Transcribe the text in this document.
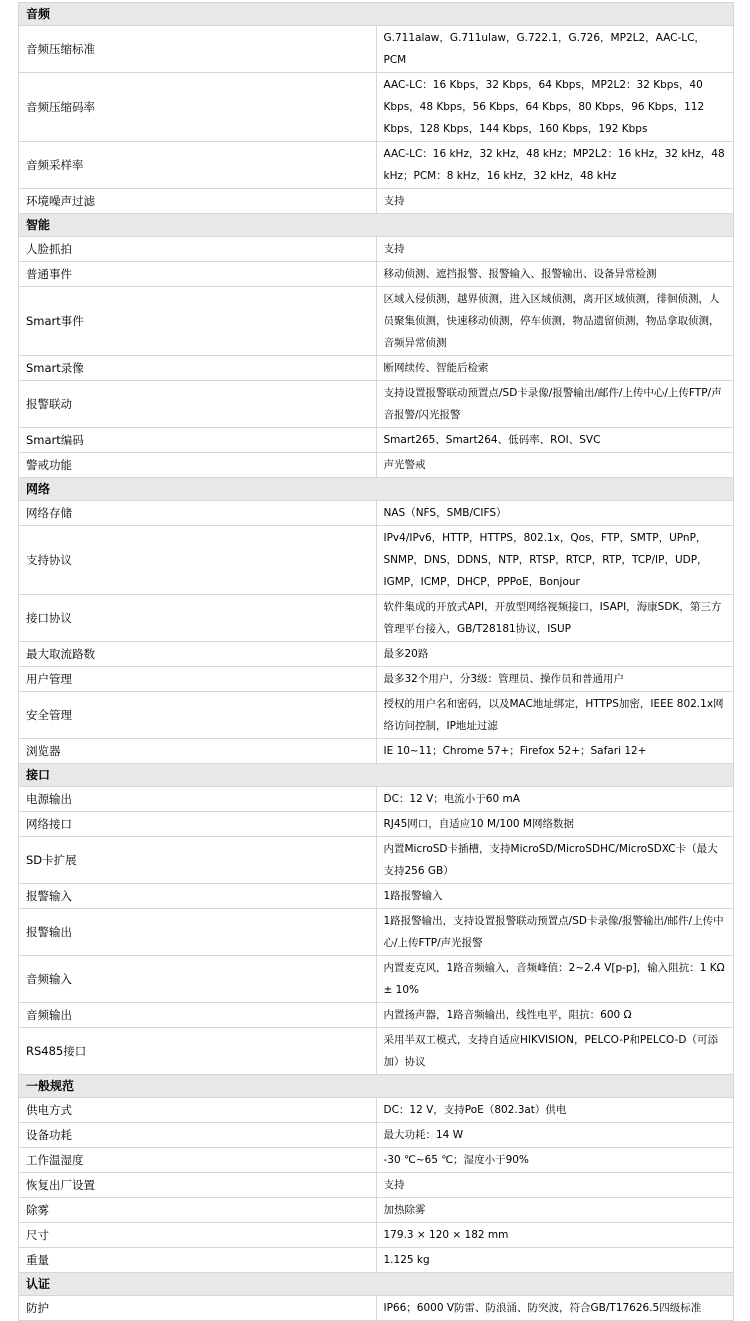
音频	
音频压缩标准	G.711alaw，G.711ulaw，G.722.1，G.726，MP2L2，AAC-LC，PCM
音频压缩码率	AAC-LC：16 Kbps，32 Kbps，64 Kbps，MP2L2：32 Kbps，40 Kbps，48 Kbps，56 Kbps，64 Kbps，80 Kbps，96 Kbps，112 Kbps，128 Kbps，144 Kbps，160 Kbps，192 Kbps
音频采样率	AAC-LC：16 kHz，32 kHz，48 kHz；MP2L2：16 kHz，32 kHz，48 kHz；PCM：8 kHz，16 kHz，32 kHz，48 kHz
环境噪声过滤	支持
智能	
人脸抓拍	支持
普通事件	移动侦测、遮挡报警、报警输入、报警输出、设备异常检测
Smart事件	区域入侵侦测，越界侦测，进入区域侦测，离开区域侦测，徘徊侦测，人员聚集侦测，快速移动侦测，停车侦测，物品遗留侦测，物品拿取侦测，音频异常侦测
Smart录像	断网续传、智能后检索
报警联动	支持设置报警联动预置点/SD卡录像/报警输出/邮件/上传中心/上传FTP/声音报警/闪光报警
Smart编码	Smart265、Smart264、低码率、ROI、SVC
警戒功能	声光警戒
网络	
网络存储	NAS（NFS，SMB/CIFS）
支持协议	IPv4/IPv6，HTTP，HTTPS，802.1x，Qos，FTP，SMTP，UPnP，SNMP，DNS，DDNS，NTP，RTSP，RTCP，RTP，TCP/IP，UDP，IGMP，ICMP，DHCP，PPPoE，Bonjour
接口协议	软件集成的开放式API，开放型网络视频接口，ISAPI，海康SDK，第三方管理平台接入，GB/T28181协议，ISUP
最大取流路数	最多20路
用户管理	最多32个用户，分3级：管理员、操作员和普通用户
安全管理	授权的用户名和密码，以及MAC地址绑定，HTTPS加密，IEEE 802.1x网络访问控制，IP地址过滤
浏览器	IE 10~11；Chrome 57+；Firefox 52+；Safari 12+
接口	
电源输出	DC：12 V；电流小于60 mA
网络接口	RJ45网口，自适应10 M/100 M网络数据
SD卡扩展	内置MicroSD卡插槽，支持MicroSD/MicroSDHC/MicroSDXC卡（最大支持256 GB）
报警输入	1路报警输入
报警输出	1路报警输出，支持设置报警联动预置点/SD卡录像/报警输出/邮件/上传中心/上传FTP/声光报警
音频输入	内置麦克风，1路音频输入，音频峰值：2~2.4 V[p-p]，输入阻抗：1 KΩ ± 10%
音频输出	内置扬声器，1路音频输出，线性电平，阻抗：600 Ω
RS485接口	采用半双工模式，支持自适应HIKVISION，PELCO-P和PELCO-D（可添加）协议
一般规范	
供电方式	DC：12 V，支持PoE（802.3at）供电
设备功耗	最大功耗：14 W
工作温湿度	-30 ℃~65 ℃；湿度小于90%
恢复出厂设置	支持
除雾	加热除雾
尺寸	179.3 × 120 × 182 mm
重量	1.125 kg
认证	
防护	IP66；6000 V防雷、防浪涌、防突波，符合GB/T17626.5四级标准
